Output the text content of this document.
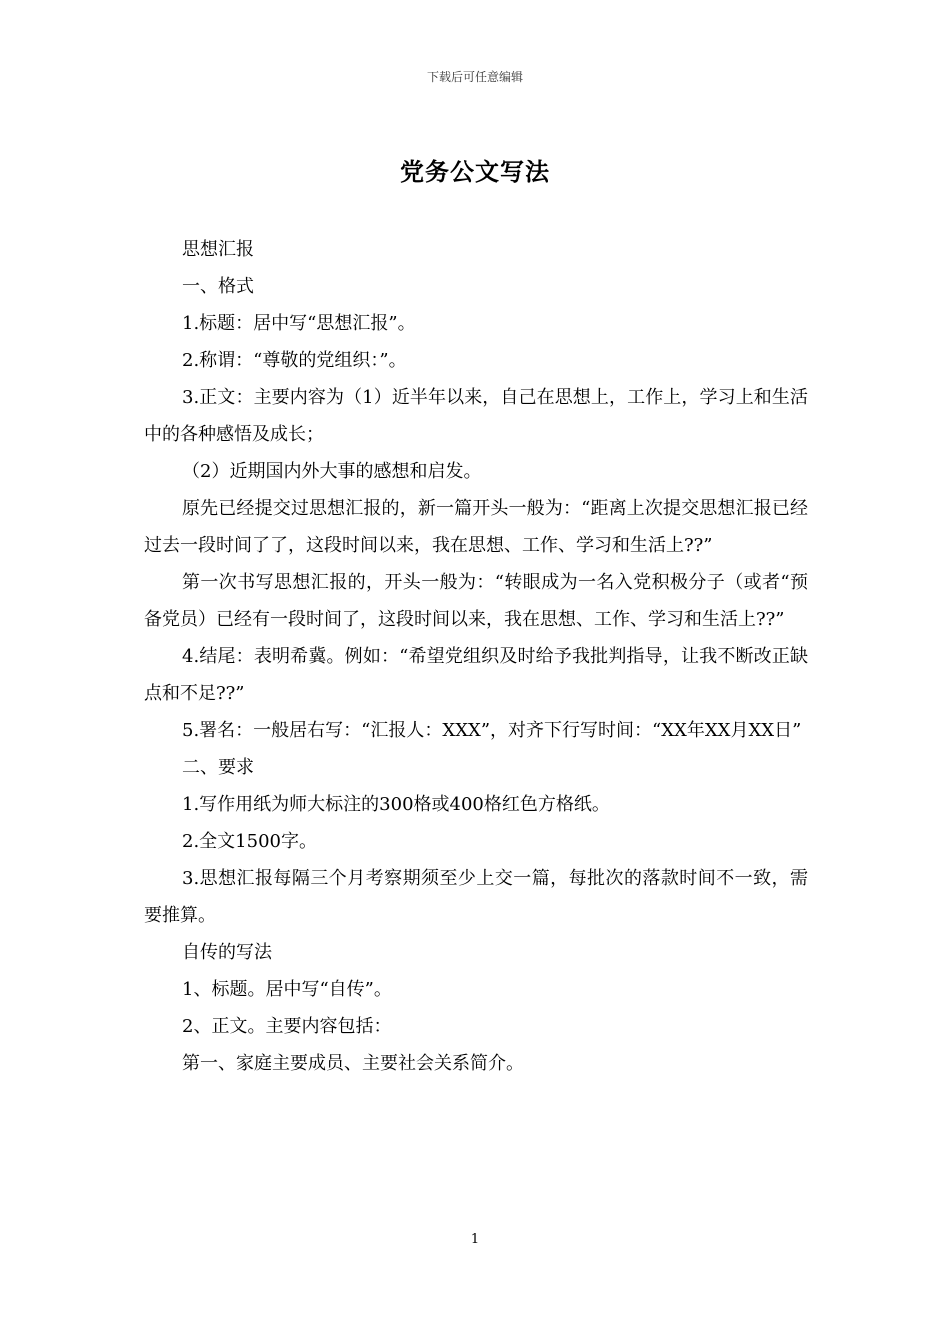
下载后可任意编辑
党务公文写法

思想汇报

一、格式

1.标题：居中写“思想汇报”。

2.称谓：“尊敬的党组织：”。

3.正文：主要内容为（1）近半年以来，自己在思想上，工作上，学习上和生活中的各种感悟及成长；

（2）近期国内外大事的感想和启发。

原先已经提交过思想汇报的，新一篇开头一般为：“距离上次提交思想汇报已经过去一段时间了了，这段时间以来，我在思想、工作、学习和生活上??”

第一次书写思想汇报的，开头一般为：“转眼成为一名入党积极分子（或者“预备党员）已经有一段时间了，这段时间以来，我在思想、工作、学习和生活上??”

4.结尾：表明希冀。例如：“希望党组织及时给予我批判指导，让我不断改正缺点和不足??”

5.署名：一般居右写：“汇报人：XXX”，对齐下行写时间：“XX年XX月XX日”

二、要求

1.写作用纸为师大标注的300格或400格红色方格纸。

2.全文1500字。

3.思想汇报每隔三个月考察期须至少上交一篇，每批次的落款时间不一致，需要推算。

自传的写法

1、标题。居中写“自传”。

2、正文。主要内容包括：

第一、家庭主要成员、主要社会关系简介。

1
